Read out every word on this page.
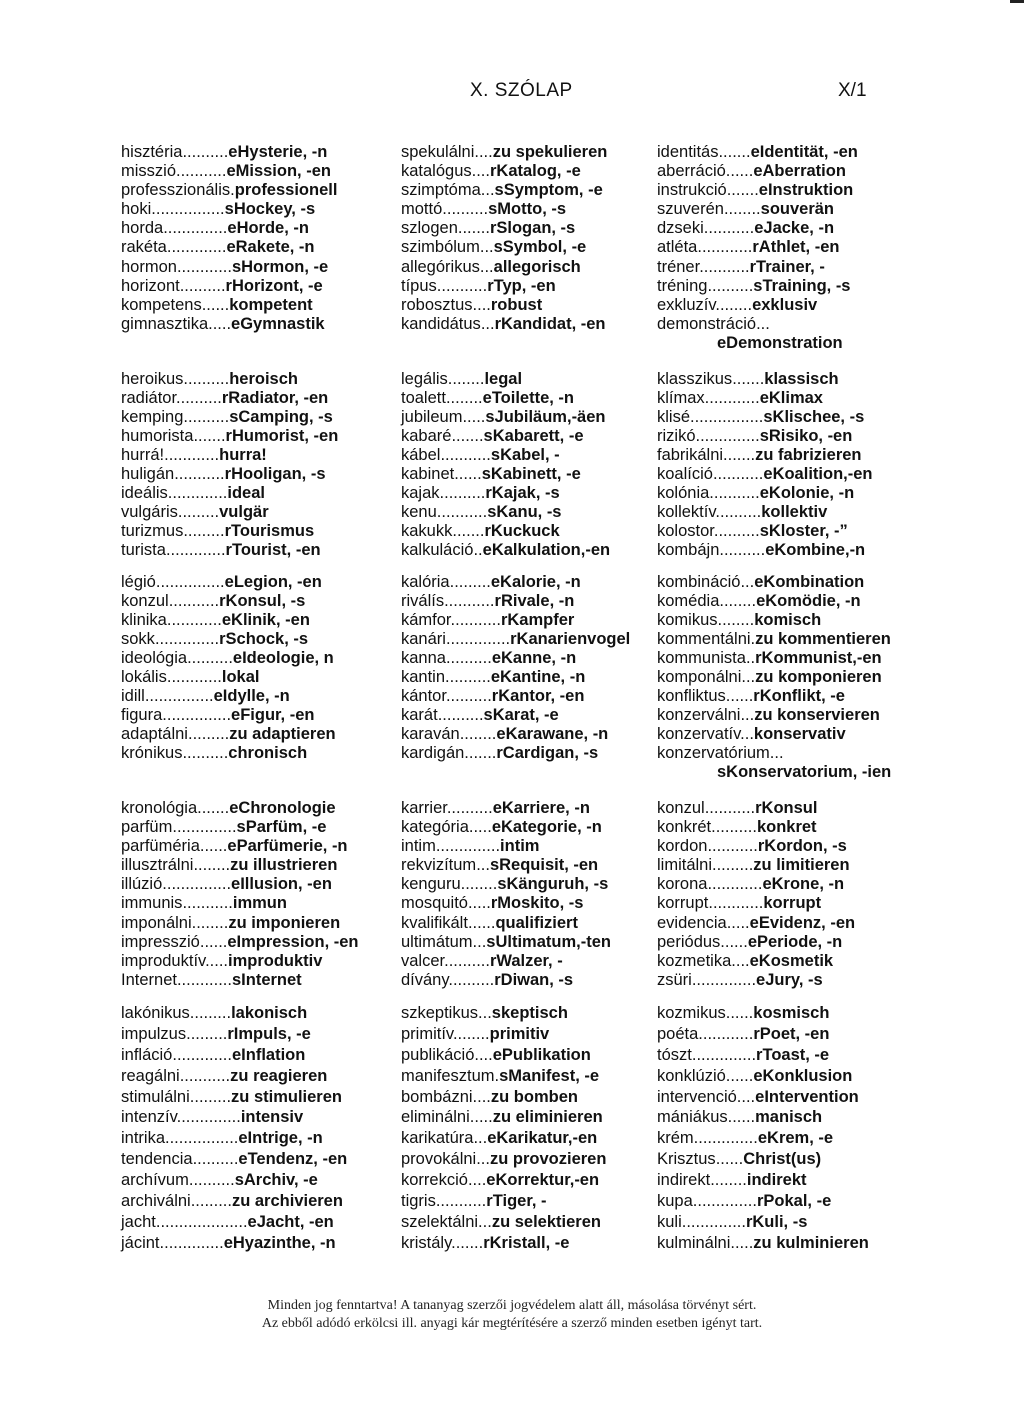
X. SZÓLAP	X/1
hisztéria..........eHysterie, -n
misszió...........eMission, -en
professzionális.professionell
hoki................sHockey, -s
horda..............eHorde, -n
rakéta.............eRakete, -n
hormon............sHormon, -e
horizont..........rHorizont, -e
kompetens......kompetent
gimnasztika.....eGymnastik
spekulálni....zu spekulieren
katalógus....rKatalog, -e
szimptóma...sSymptom, -e
mottó..........sMotto, -s
szlogen.......rSlogan, -s
szimbólum...sSymbol, -e
allegórikus...allegorisch
típus...........rTyp, -en
robosztus....robust
kandidátus...rKandidat, -en
identitás.......eIdentität, -en
aberráció......eAberration
instrukció.......eInstruktion
szuverén........souverän
dzseki...........eJacke, -n
atléta............rAthlet, -en
tréner...........rTrainer, -
tréning..........sTraining, -s
exkluzív........exklusiv
demonstráció...
eDemonstration
heroikus..........heroisch
radiátor..........rRadiator, -en
kemping..........sCamping, -s
humorista.......rHumorist, -en
hurrá!............hurra!
huligán...........rHooligan, -s
ideális.............ideal
vulgáris.........vulgär
turizmus.........rTourismus
turista.............rTourist, -en
legális........legal
toalett........eToilette, -n
jubileum.....sJubiläum,-äen
kabaré.......sKabarett, -e
kábel...........sKabel, -
kabinet......sKabinett, -e
kajak..........rKajak, -s
kenu...........sKanu, -s
kakukk.......rKuckuck
kalkuláció..eKalkulation,-en
klasszikus.......klassisch
klímax............eKlimax
klisé................sKlischee, -s
rizikó..............sRisiko, -en
fabrikálni.......zu fabrizieren
koalíció...........eKoalition,-en
kolónia...........eKolonie, -n
kollektív..........kollektiv
kolostor..........sKloster, -”
kombájn..........eKombine,-n
légió...............eLegion, -en
konzul...........rKonsul, -s
klinika............eKlinik, -en
sokk..............rSchock, -s
ideológia..........eIdeologie, n
lokális............lokal
idill...............eIdylle, -n
figura...............eFigur, -en
adaptálni.........zu adaptieren
krónikus..........chronisch
kalória.........eKalorie, -n
riválís...........rRivale, -n
kámfor...........rKampfer
kanári..............rKanarienvogel
kanna..........eKanne, -n
kantin..........eKantine, -n
kántor..........rKantor, -en
karát..........sKarat, -e
karaván........eKarawane, -n
kardigán.......rCardigan, -s
kombináció...eKombination
komédia........eKomödie, -n
komikus........komisch
kommentálni.zu kommentieren
kommunista..rKommunist,-en
komponálni...zu komponieren
konfliktus......rKonflikt, -e
konzerválni...zu konservieren
konzervatív...konservativ
konzervatórium...
sKonservatorium, -ien
kronológia.......eChronologie
parfüm..............sParfüm, -e
parfüméria......eParfümerie, -n
illusztrálni........zu illustrieren
illúzió...............eIllusion, -en
immunis...........immun
imponálni........zu imponieren
impresszió......eImpression, -en
improduktív.....improduktiv
Internet............sInternet
karrier..........eKarriere, -n
kategória.....eKategorie, -n
intim..............intim
rekvizítum...sRequisit, -en
kenguru........sKänguruh, -s
mosquitó.....rMoskito, -s
kvalifikált......qualifiziert
ultimátum...sUltimatum,-ten
valcer..........rWalzer, -
dívány..........rDiwan, -s
konzul...........rKonsul
konkrét..........konkret
kordon...........rKordon, -s
limitálni.........zu limitieren
korona............eKrone, -n
korrupt............korrupt
evidencia.....eEvidenz, -en
periódus......ePeriode, -n
kozmetika....eKosmetik
zsüri..............eJury, -s
lakónikus.........lakonisch
impulzus.........rImpuls, -e
infláció.............eInflation
reagálni...........zu reagieren
stimulálni.........zu stimulieren
intenzív..............intensiv
intrika................eIntrige, -n
tendencia..........eTendenz, -en
archívum..........sArchiv, -e
archiválni.........zu archivieren
jacht....................eJacht, -en
jácint..............eHyazinthe, -n
szkeptikus...skeptisch
primitív........primitiv
publikáció....ePublikation
manifesztum.sManifest, -e
bombázni....zu bomben
eliminálni.....zu eliminieren
karikatúra...eKarikatur,-en
provokálni...zu provozieren
korrekció....eKorrektur,-en
tigris...........rTiger, -
szelektálni...zu selektieren
kristály.......rKristall, -e
kozmikus......kosmisch
poéta............rPoet, -en
tószt..............rToast, -e
konklúzió......eKonklusion
intervenció....eIntervention
mániákus......manisch
krém..............eKrem, -e
Krisztus......Christ(us)
indirekt........indirekt
kupa..............rPokal, -e
kuli..............rKuli, -s
kulminálni.....zu kulminieren
Minden jog fenntartva! A tananyag szerzői jogvédelem alatt áll, másolása törvényt sért.
Az ebből adódó erkölcsi ill. anyagi kár megtérítésére a szerző minden esetben igényt tart.
